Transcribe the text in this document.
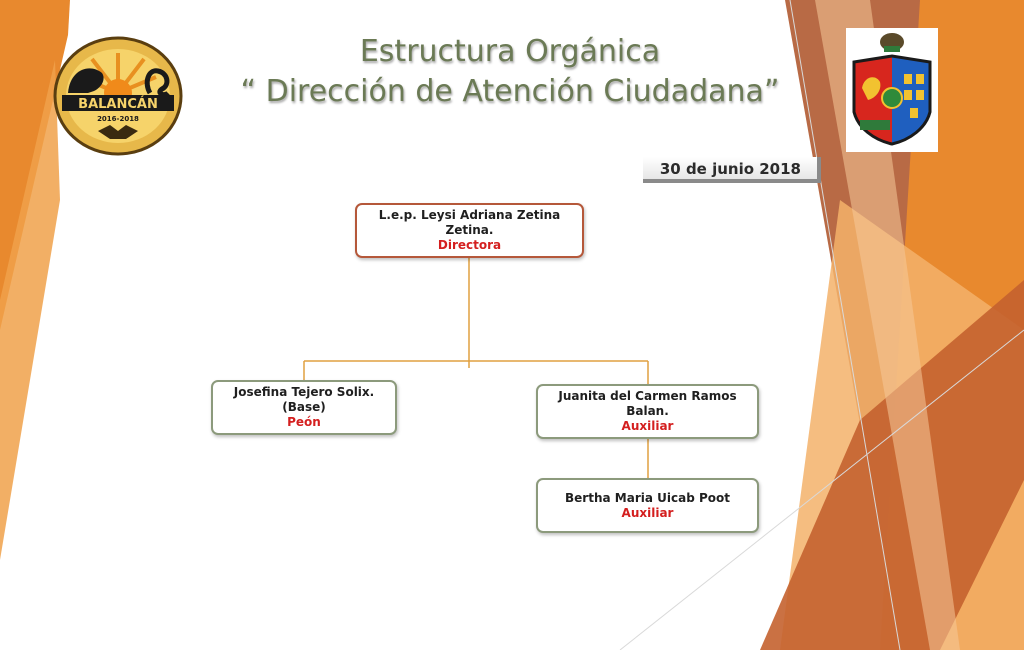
BALANCÁN
2016-2018
Estructura Orgánica
“ Dirección de Atención Ciudadana”
30 de junio 2018
L.e.p. Leysi Adriana Zetina Zetina.
Directora
Josefina Tejero Solix.
(Base)
Peón
Juanita del Carmen Ramos Balan.
Auxiliar
Bertha Maria Uicab Poot
Auxiliar
